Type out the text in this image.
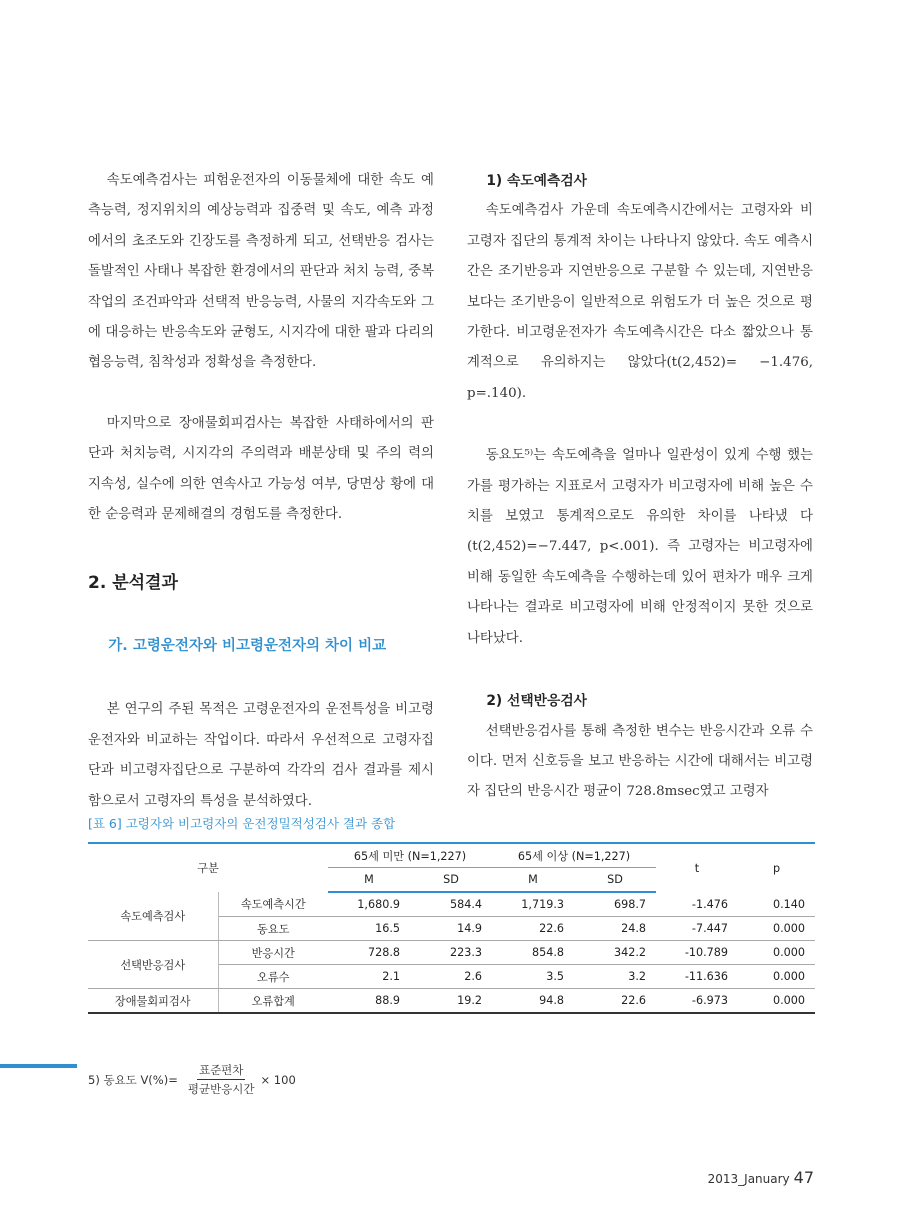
속도예측검사는 피험운전자의 이동물체에 대한 속도 예측능력, 정지위치의 예상능력과 집중력 및 속도, 예측 과정에서의 초조도와 긴장도를 측정하게 되고, 선택반응 검사는 돌발적인 사태나 복잡한 환경에서의 판단과 처치 능력, 중복작업의 조건파악과 선택적 반응능력, 사물의 지각속도와 그에 대응하는 반응속도와 균형도, 시지각에 대한 팔과 다리의 협응능력, 침착성과 정확성을 측정한다.

마지막으로 장애물회피검사는 복잡한 사태하에서의 판단과 처치능력, 시지각의 주의력과 배분상태 및 주의 력의 지속성, 실수에 의한 연속사고 가능성 여부, 당면상 황에 대한 순응력과 문제해결의 경험도를 측정한다.

2. 분석결과
가. 고령운전자와 비고령운전자의 차이 비교

본 연구의 주된 목적은 고령운전자의 운전특성을 비고령운전자와 비교하는 작업이다. 따라서 우선적으로 고령자집단과 비고령자집단으로 구분하여 각각의 검사 결과를 제시함으로서 고령자의 특성을 분석하였다.

1) 속도예측검사

속도예측검사 가운데 속도예측시간에서는 고령자와 비고령자 집단의 통계적 차이는 나타나지 않았다. 속도 예측시간은 조기반응과 지연반응으로 구분할 수 있는데, 지연반응보다는 조기반응이 일반적으로 위험도가 더 높은 것으로 평가한다. 비고령운전자가 속도예측시간은 다소 짧았으나 통계적으로 유의하지는 않았다(t(2,452)= −1.476, p=.140).

동요도⁵⁾는 속도예측을 얼마나 일관성이 있게 수행 했는가를 평가하는 지표로서 고령자가 비고령자에 비해 높은 수치를 보였고 통계적으로도 유의한 차이를 나타냈 다(t(2,452)=−7.447, p<.001). 즉 고령자는 비고령자에 비해 동일한 속도예측을 수행하는데 있어 편차가 매우 크게 나타나는 결과로 비고령자에 비해 안정적이지 못한 것으로 나타났다.

2) 선택반응검사

선택반응검사를 통해 측정한 변수는 반응시간과 오류 수이다. 먼저 신호등을 보고 반응하는 시간에 대해서는 비고령자 집단의 반응시간 평균이 728.8msec였고 고령자

[표 6] 고령자와 비고령자의 운전정밀적성검사 결과 종합
구분		65세 미만 (N=1,227)		65세 이상 (N=1,227)		t	p
		M	SD	M	SD		
속도예측검사	속도예측시간	1,680.9	584.4	1,719.3	698.7	-1.476	0.140
	동요도	16.5	14.9	22.6	24.8	-7.447	0.000
선택반응검사	반응시간	728.8	223.3	854.8	342.2	-10.789	0.000
	오류수	2.1	2.6	3.5	3.2	-11.636	0.000
장애물회피검사	오류합계	88.9	19.2	94.8	22.6	-6.973	0.000
5) 동요도 $V(\%)= \frac{\text{표준편차}}{\text{평균반응시간}} \times 100$
2013_January 47
